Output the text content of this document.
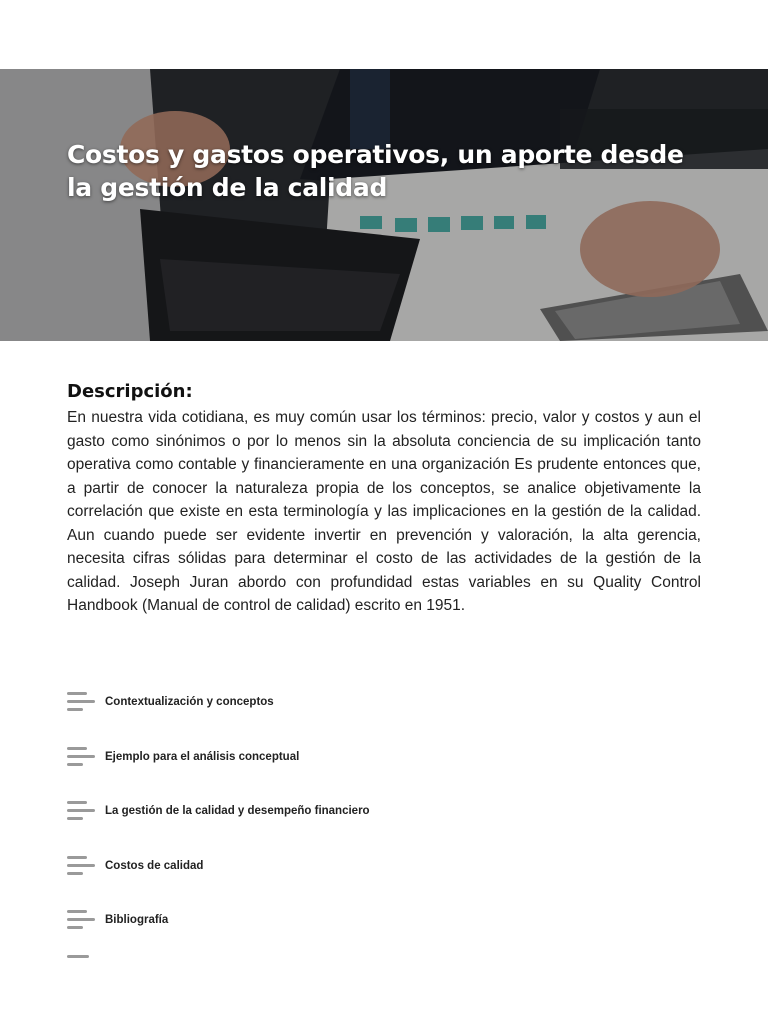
Costos y gastos operativos, un aporte desde la gestión de la calidad
Descripción:

En nuestra vida cotidiana, es muy común usar los términos: precio, valor y costos y aun el gasto como sinónimos o por lo menos sin la absoluta conciencia de su implicación tanto operativa como contable y financieramente en una organización Es prudente entonces que, a partir de conocer la naturaleza propia de los conceptos, se analice objetivamente la correlación que existe en esta terminología y las implicaciones en la gestión de la calidad. Aun cuando puede ser evidente invertir en prevención y valoración, la alta gerencia, necesita cifras sólidas para determinar el costo de las actividades de la gestión de la calidad. Joseph Juran abordo con profundidad estas variables en su Quality Control Handbook (Manual de control de calidad) escrito en 1951.

Contextualización y conceptos
Ejemplo para el análisis conceptual
La gestión de la calidad y desempeño financiero
Costos de calidad
Bibliografía
